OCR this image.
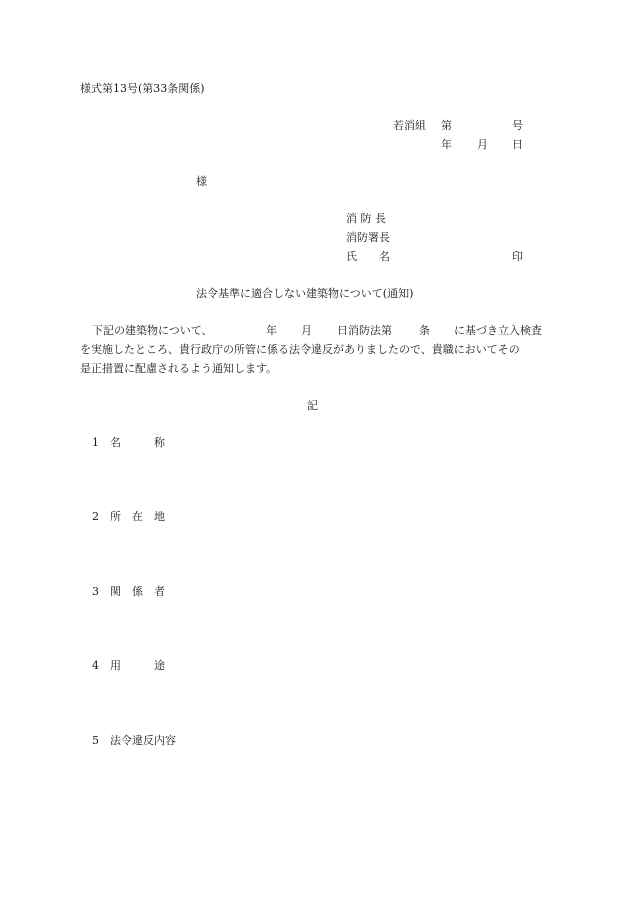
様式第13号(第33条関係)
若消組 第	号
年 月 日
様
消 防 長
消防署長
氏　　名	印
法令基準に適合しない建築物について(通知)
下記の建築物について、	年 月 日消防法第 条 に基づき立入検査
を実施したところ、貴行政庁の所管に係る法令違反がありましたので、貴職においてその
是正措置に配慮されるよう通知します。
記
1 名　　　称
2 所　在　地
3 関　係　者
4 用　　　途
5 法令違反内容
